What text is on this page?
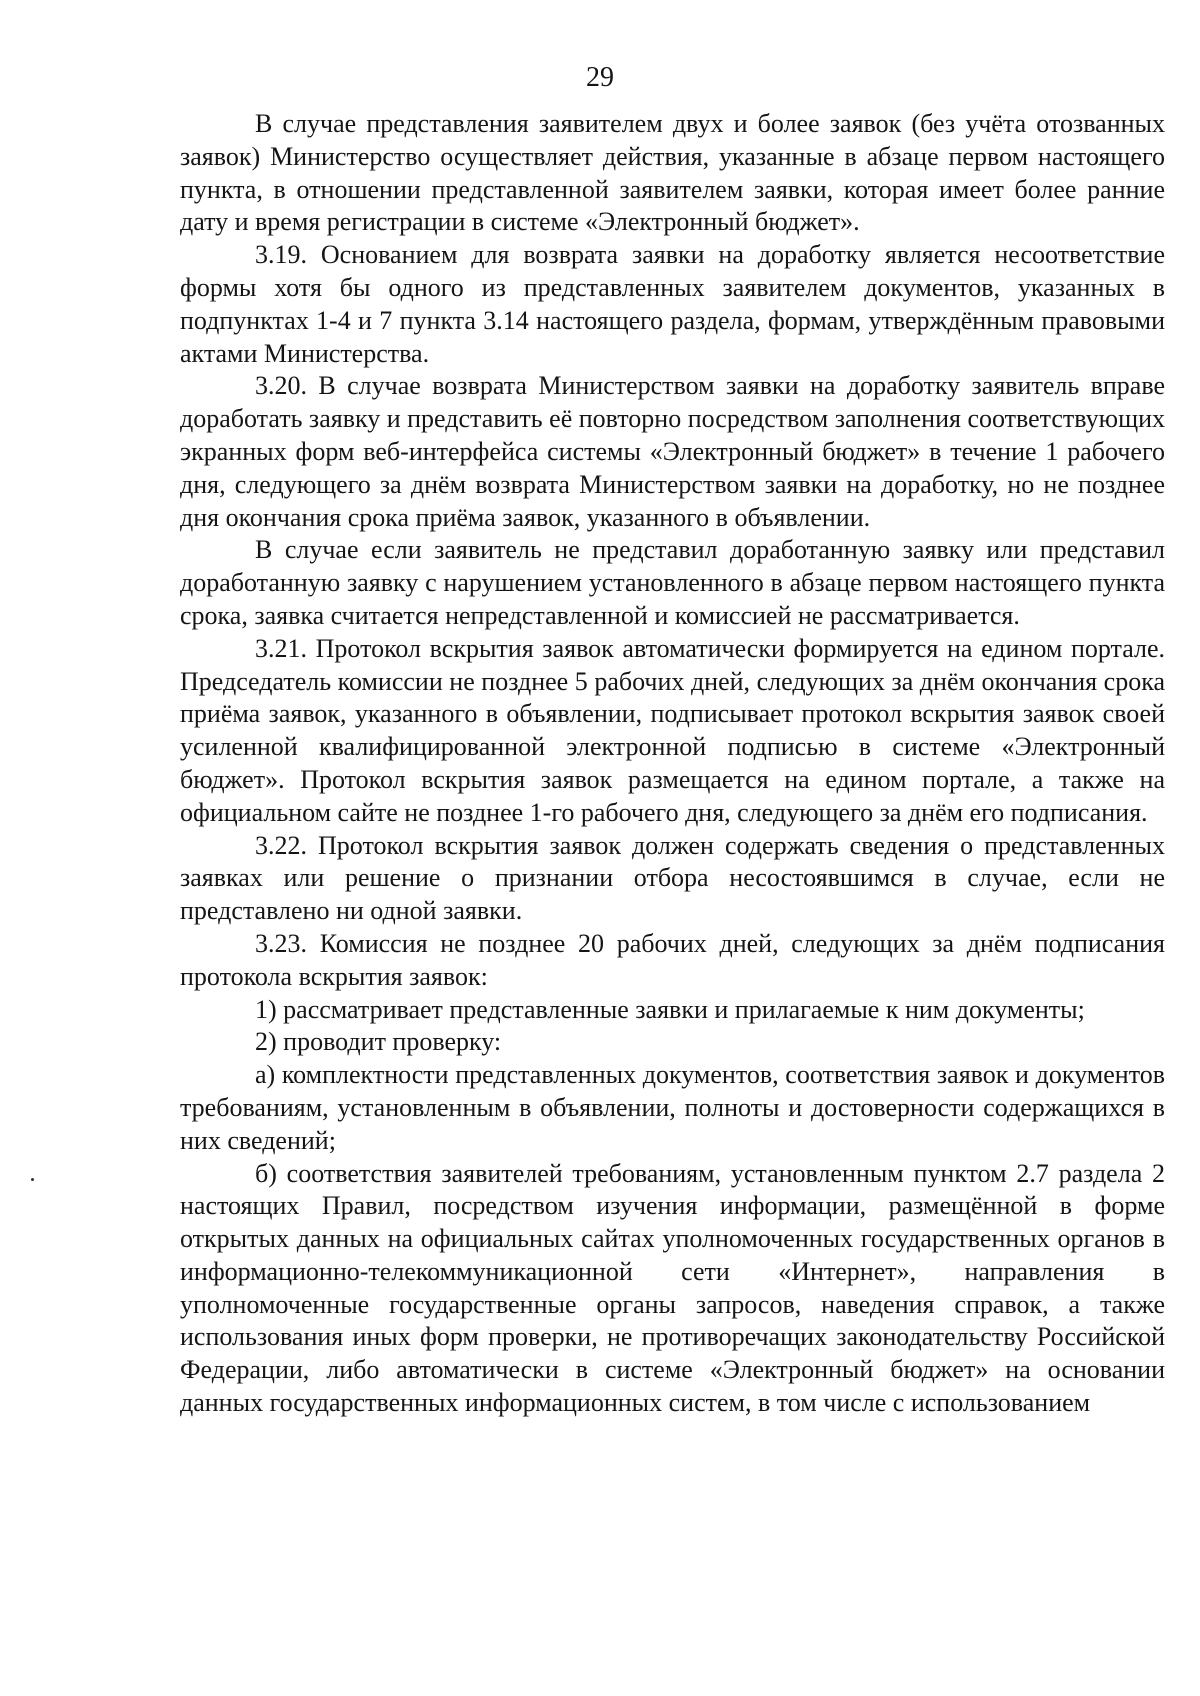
29

В случае представления заявителем двух и более заявок (без учёта отозванных заявок) Министерство осуществляет действия, указанные в абзаце первом настоящего пункта, в отношении представленной заявителем заявки, которая имеет более ранние дату и время регистрации в системе «Электронный бюджет».

3.19. Основанием для возврата заявки на доработку является несоответствие формы хотя бы одного из представленных заявителем документов, указанных в подпунктах 1-4 и 7 пункта 3.14 настоящего раздела, формам, утверждённым правовыми актами Министерства.

3.20. В случае возврата Министерством заявки на доработку заявитель вправе доработать заявку и представить её повторно посредством заполнения соответствующих экранных форм веб-интерфейса системы «Электронный бюджет» в течение 1 рабочего дня, следующего за днём возврата Министерством заявки на доработку, но не позднее дня окончания срока приёма заявок, указанного в объявлении.

В случае если заявитель не представил доработанную заявку или представил доработанную заявку с нарушением установленного в абзаце первом настоящего пункта срока, заявка считается непредставленной и комиссией не рассматривается.

3.21. Протокол вскрытия заявок автоматически формируется на едином портале. Председатель комиссии не позднее 5 рабочих дней, следующих за днём окончания срока приёма заявок, указанного в объявлении, подписывает протокол вскрытия заявок своей усиленной квалифицированной электронной подписью в системе «Электронный бюджет». Протокол вскрытия заявок размещается на едином портале, а также на официальном сайте не позднее 1-го рабочего дня, следующего за днём его подписания.

3.22. Протокол вскрытия заявок должен содержать сведения о представленных заявках или решение о признании отбора несостоявшимся в случае, если не представлено ни одной заявки.

3.23. Комиссия не позднее 20 рабочих дней, следующих за днём подписания протокола вскрытия заявок:

1) рассматривает представленные заявки и прилагаемые к ним документы;

2) проводит проверку:

а) комплектности представленных документов, соответствия заявок и документов требованиям, установленным в объявлении, полноты и достоверности содержащихся в них сведений;

б) соответствия заявителей требованиям, установленным пунктом 2.7 раздела 2 настоящих Правил, посредством изучения информации, размещённой в форме открытых данных на официальных сайтах уполномоченных государственных органов в информационно-телекоммуникационной сети «Интернет», направления в уполномоченные государственные органы запросов, наведения справок, а также использования иных форм проверки, не противоречащих законодательству Российской Федерации, либо автоматически в системе «Электронный бюджет» на основании данных государственных информационных систем, в том числе с использованием
